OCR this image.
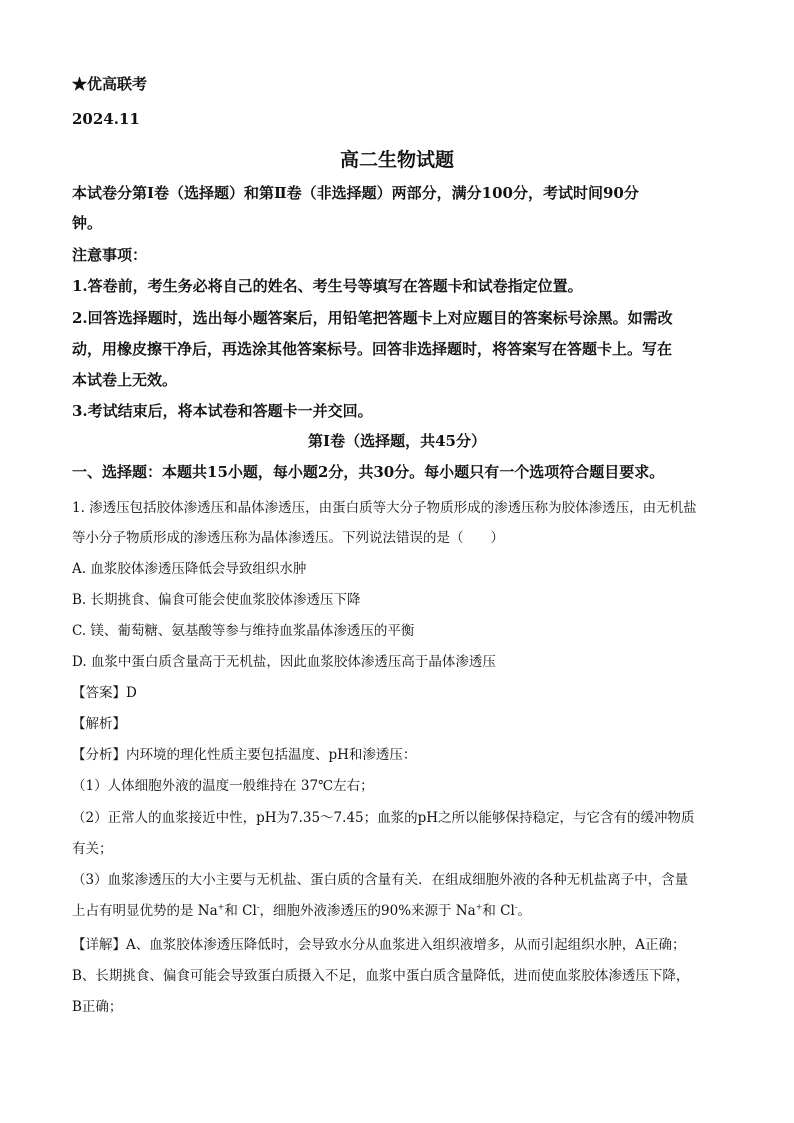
★优高联考
2024.11
高二生物试题
本试卷分第Ⅰ卷（选择题）和第Ⅱ卷（非选择题）两部分，满分100分，考试时间90分
钟。
注意事项：
1.答卷前，考生务必将自己的姓名、考生号等填写在答题卡和试卷指定位置。
2.回答选择题时，选出每小题答案后，用铅笔把答题卡上对应题目的答案标号涂黑。如需改
动，用橡皮擦干净后，再选涂其他答案标号。回答非选择题时，将答案写在答题卡上。写在
本试卷上无效。
3.考试结束后，将本试卷和答题卡一并交回。
第Ⅰ卷（选择题，共45分）
一、选择题：本题共15小题，每小题2分，共30分。每小题只有一个选项符合题目要求。
1. 渗透压包括胶体渗透压和晶体渗透压，由蛋白质等大分子物质形成的渗透压称为胶体渗透压，由无机盐
等小分子物质形成的渗透压称为晶体渗透压。下列说法错误的是（　　）
A. 血浆胶体渗透压降低会导致组织水肿
B. 长期挑食、偏食可能会使血浆胶体渗透压下降
C. 镁、葡萄糖、氨基酸等参与维持血浆晶体渗透压的平衡
D. 血浆中蛋白质含量高于无机盐，因此血浆胶体渗透压高于晶体渗透压
【答案】D
【解析】
【分析】内环境的理化性质主要包括温度、pH和渗透压：
（1）人体细胞外液的温度一般维持在 37℃左右；
（2）正常人的血浆接近中性，pH为7.35～7.45；血浆的pH之所以能够保持稳定，与它含有的缓冲物质
有关；
（3）血浆渗透压的大小主要与无机盐、蛋白质的含量有关．在组成细胞外液的各种无机盐离子中，含量
上占有明显优势的是 Na+和 Cl-，细胞外液渗透压的90%来源于 Na+和 Cl-。
【详解】A、血浆胶体渗透压降低时，会导致水分从血浆进入组织液增多，从而引起组织水肿，A正确；
B、长期挑食、偏食可能会导致蛋白质摄入不足，血浆中蛋白质含量降低，进而使血浆胶体渗透压下降，
B正确；
